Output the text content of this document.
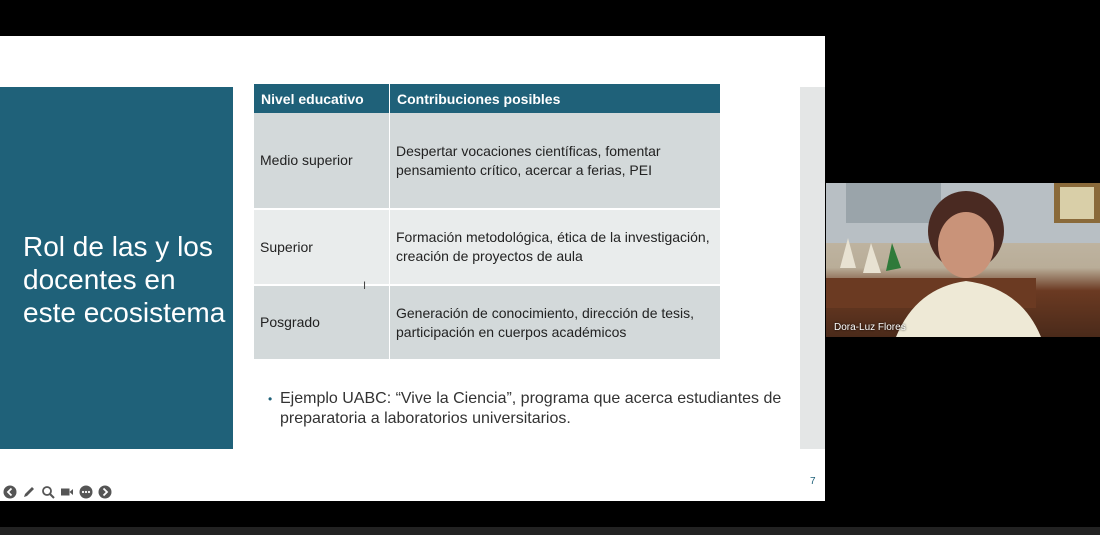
Rol de las y los docentes en este ecosistema
Nivel educativo	Contribuciones posibles
Medio superior	Despertar vocaciones científicas, fomentar pensamiento crítico, acercar a ferias, PEI
Superior	Formación metodológica, ética de la investigación, creación de proyectos de aula
Posgrado	Generación de conocimiento, dirección de tesis, participación en cuerpos académicos
I
• Ejemplo UABC: “Vive la Ciencia”, programa que acerca estudiantes de preparatoria a laboratorios universitarios.
7
Dora-Luz Flores
